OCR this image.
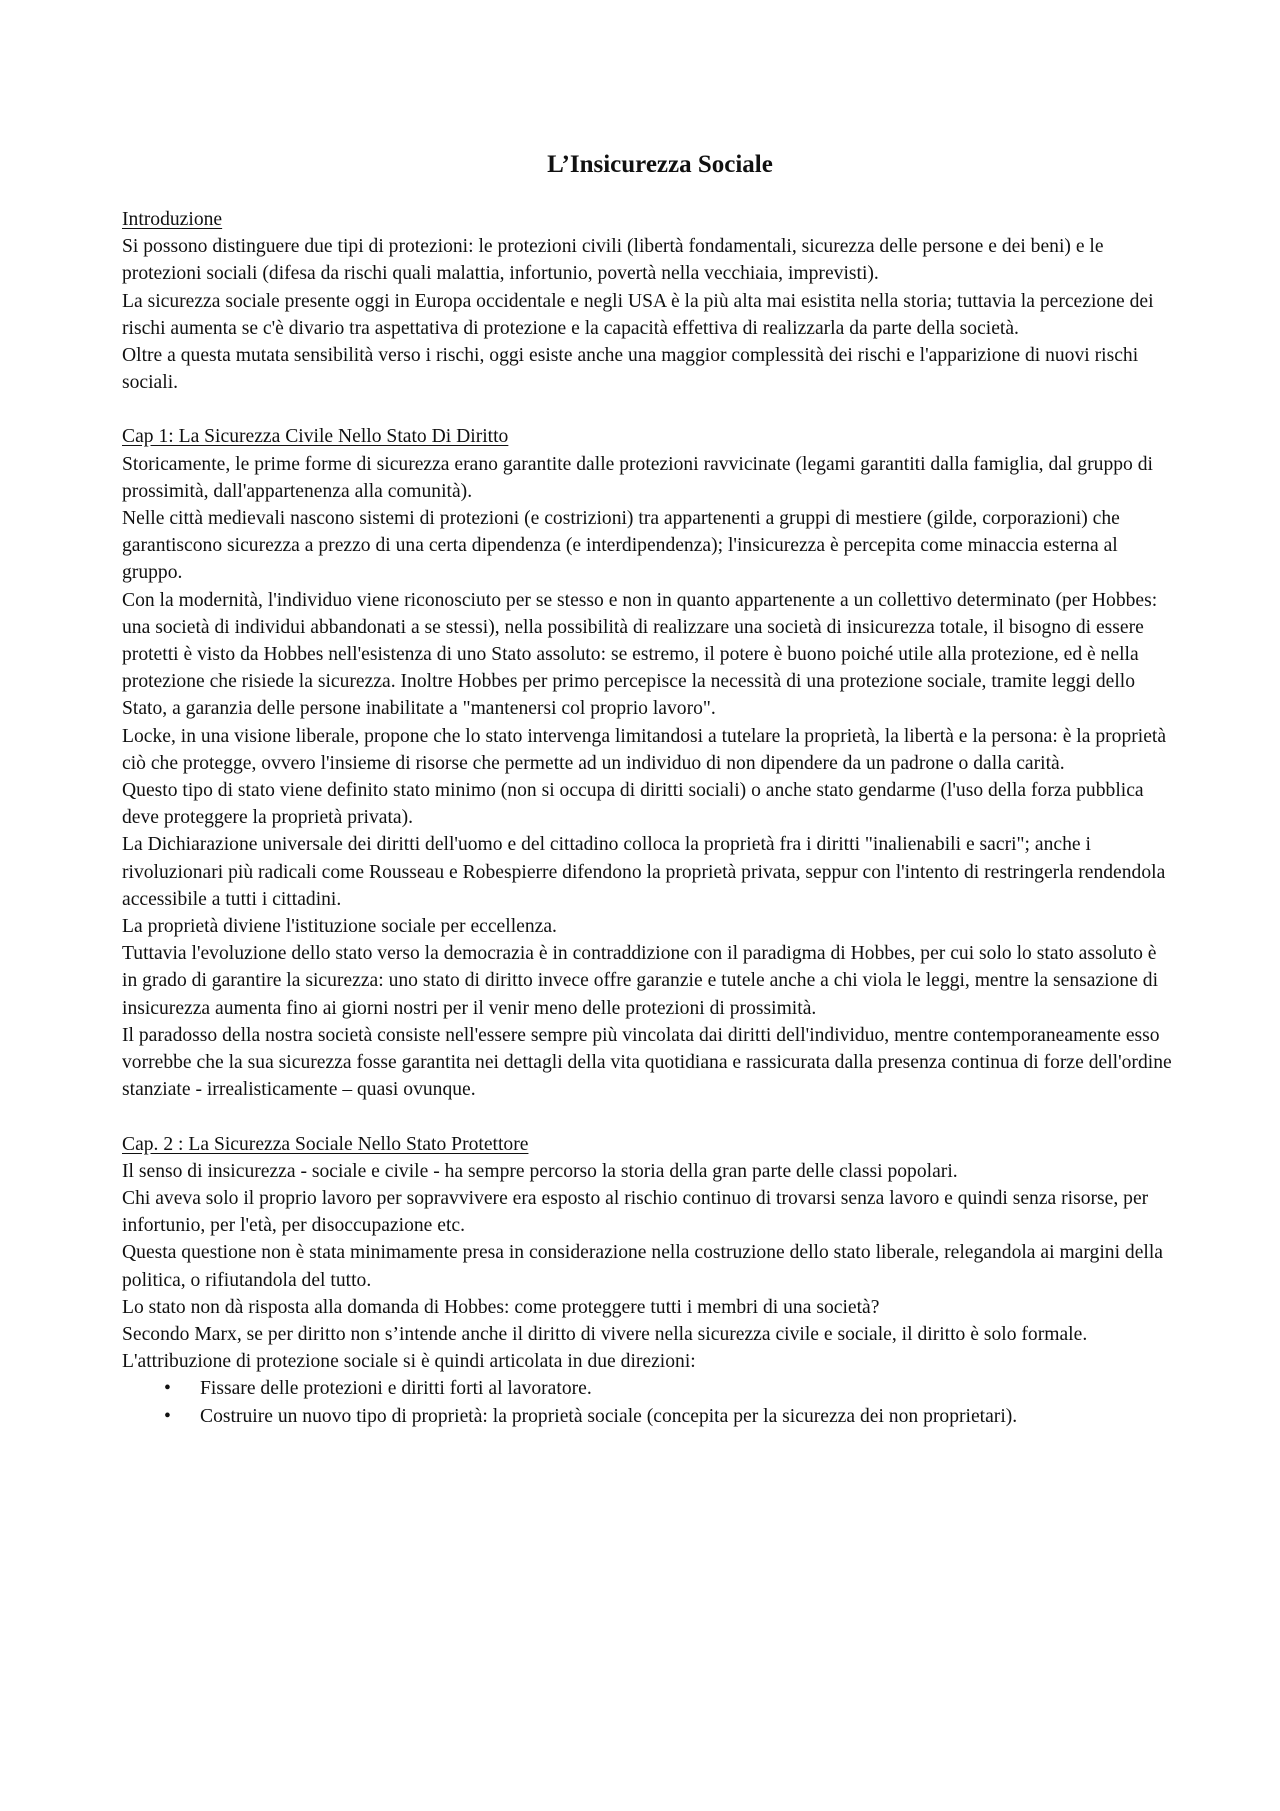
L’Insicurezza Sociale
Introduzione

Si possono distinguere due tipi di protezioni: le protezioni civili (libertà fondamentali, sicurezza delle persone e dei beni) e le protezioni sociali (difesa da rischi quali malattia, infortunio, povertà nella vecchiaia, imprevisti).

La sicurezza sociale presente oggi in Europa occidentale e negli USA è la più alta mai esistita nella storia; tuttavia la percezione dei rischi aumenta se c'è divario tra aspettativa di protezione e la capacità effettiva di realizzarla da parte della società.

Oltre a questa mutata sensibilità verso i rischi, oggi esiste anche una maggior complessità dei rischi e l'apparizione di nuovi rischi sociali.

Cap 1: La Sicurezza Civile Nello Stato Di Diritto

Storicamente, le prime forme di sicurezza erano garantite dalle protezioni ravvicinate (legami garantiti dalla famiglia, dal gruppo di prossimità, dall'appartenenza alla comunità).

Nelle città medievali nascono sistemi di protezioni (e costrizioni) tra appartenenti a gruppi di mestiere (gilde, corporazioni) che garantiscono sicurezza a prezzo di una certa dipendenza (e interdipendenza); l'insicurezza è percepita come minaccia esterna al gruppo.

Con la modernità, l'individuo viene riconosciuto per se stesso e non in quanto appartenente a un collettivo determinato (per Hobbes: una società di individui abbandonati a se stessi), nella possibilità di realizzare una società di insicurezza totale, il bisogno di essere protetti è visto da Hobbes nell'esistenza di uno Stato assoluto: se estremo, il potere è buono poiché utile alla protezione, ed è nella protezione che risiede la sicurezza. Inoltre Hobbes per primo percepisce la necessità di una protezione sociale, tramite leggi dello Stato, a garanzia delle persone inabilitate a "mantenersi col proprio lavoro".

Locke, in una visione liberale, propone che lo stato intervenga limitandosi a tutelare la proprietà, la libertà e la persona: è la proprietà ciò che protegge, ovvero l'insieme di risorse che permette ad un individuo di non dipendere da un padrone o dalla carità.

Questo tipo di stato viene definito stato minimo (non si occupa di diritti sociali) o anche stato gendarme (l'uso della forza pubblica deve proteggere la proprietà privata).

La Dichiarazione universale dei diritti dell'uomo e del cittadino colloca la proprietà fra i diritti "inalienabili e sacri"; anche i rivoluzionari più radicali come Rousseau e Robespierre difendono la proprietà privata, seppur con l'intento di restringerla rendendola accessibile a tutti i cittadini.

La proprietà diviene l'istituzione sociale per eccellenza.

Tuttavia l'evoluzione dello stato verso la democrazia è in contraddizione con il paradigma di Hobbes, per cui solo lo stato assoluto è in grado di garantire la sicurezza: uno stato di diritto invece offre garanzie e tutele anche a chi viola le leggi, mentre la sensazione di insicurezza aumenta fino ai giorni nostri per il venir meno delle protezioni di prossimità.

Il paradosso della nostra società consiste nell'essere sempre più vincolata dai diritti dell'individuo, mentre contemporaneamente esso vorrebbe che la sua sicurezza fosse garantita nei dettagli della vita quotidiana e rassicurata dalla presenza continua di forze dell'ordine stanziate - irrealisticamente – quasi ovunque.

Cap. 2 : La Sicurezza Sociale Nello Stato Protettore

Il senso di insicurezza - sociale e civile - ha sempre percorso la storia della gran parte delle classi popolari.

Chi aveva solo il proprio lavoro per sopravvivere era esposto al rischio continuo di trovarsi senza lavoro e quindi senza risorse, per infortunio, per l'età, per disoccupazione etc.

Questa questione non è stata minimamente presa in considerazione nella costruzione dello stato liberale, relegandola ai margini della politica, o rifiutandola del tutto.

Lo stato non dà risposta alla domanda di Hobbes: come proteggere tutti i membri di una società?

Secondo Marx, se per diritto non s’intende anche il diritto di vivere nella sicurezza civile e sociale, il diritto è solo formale.

L'attribuzione di protezione sociale si è quindi articolata in due direzioni:

• Fissare delle protezioni e diritti forti al lavoratore.
• Costruire un nuovo tipo di proprietà: la proprietà sociale (concepita per la sicurezza dei non proprietari).
